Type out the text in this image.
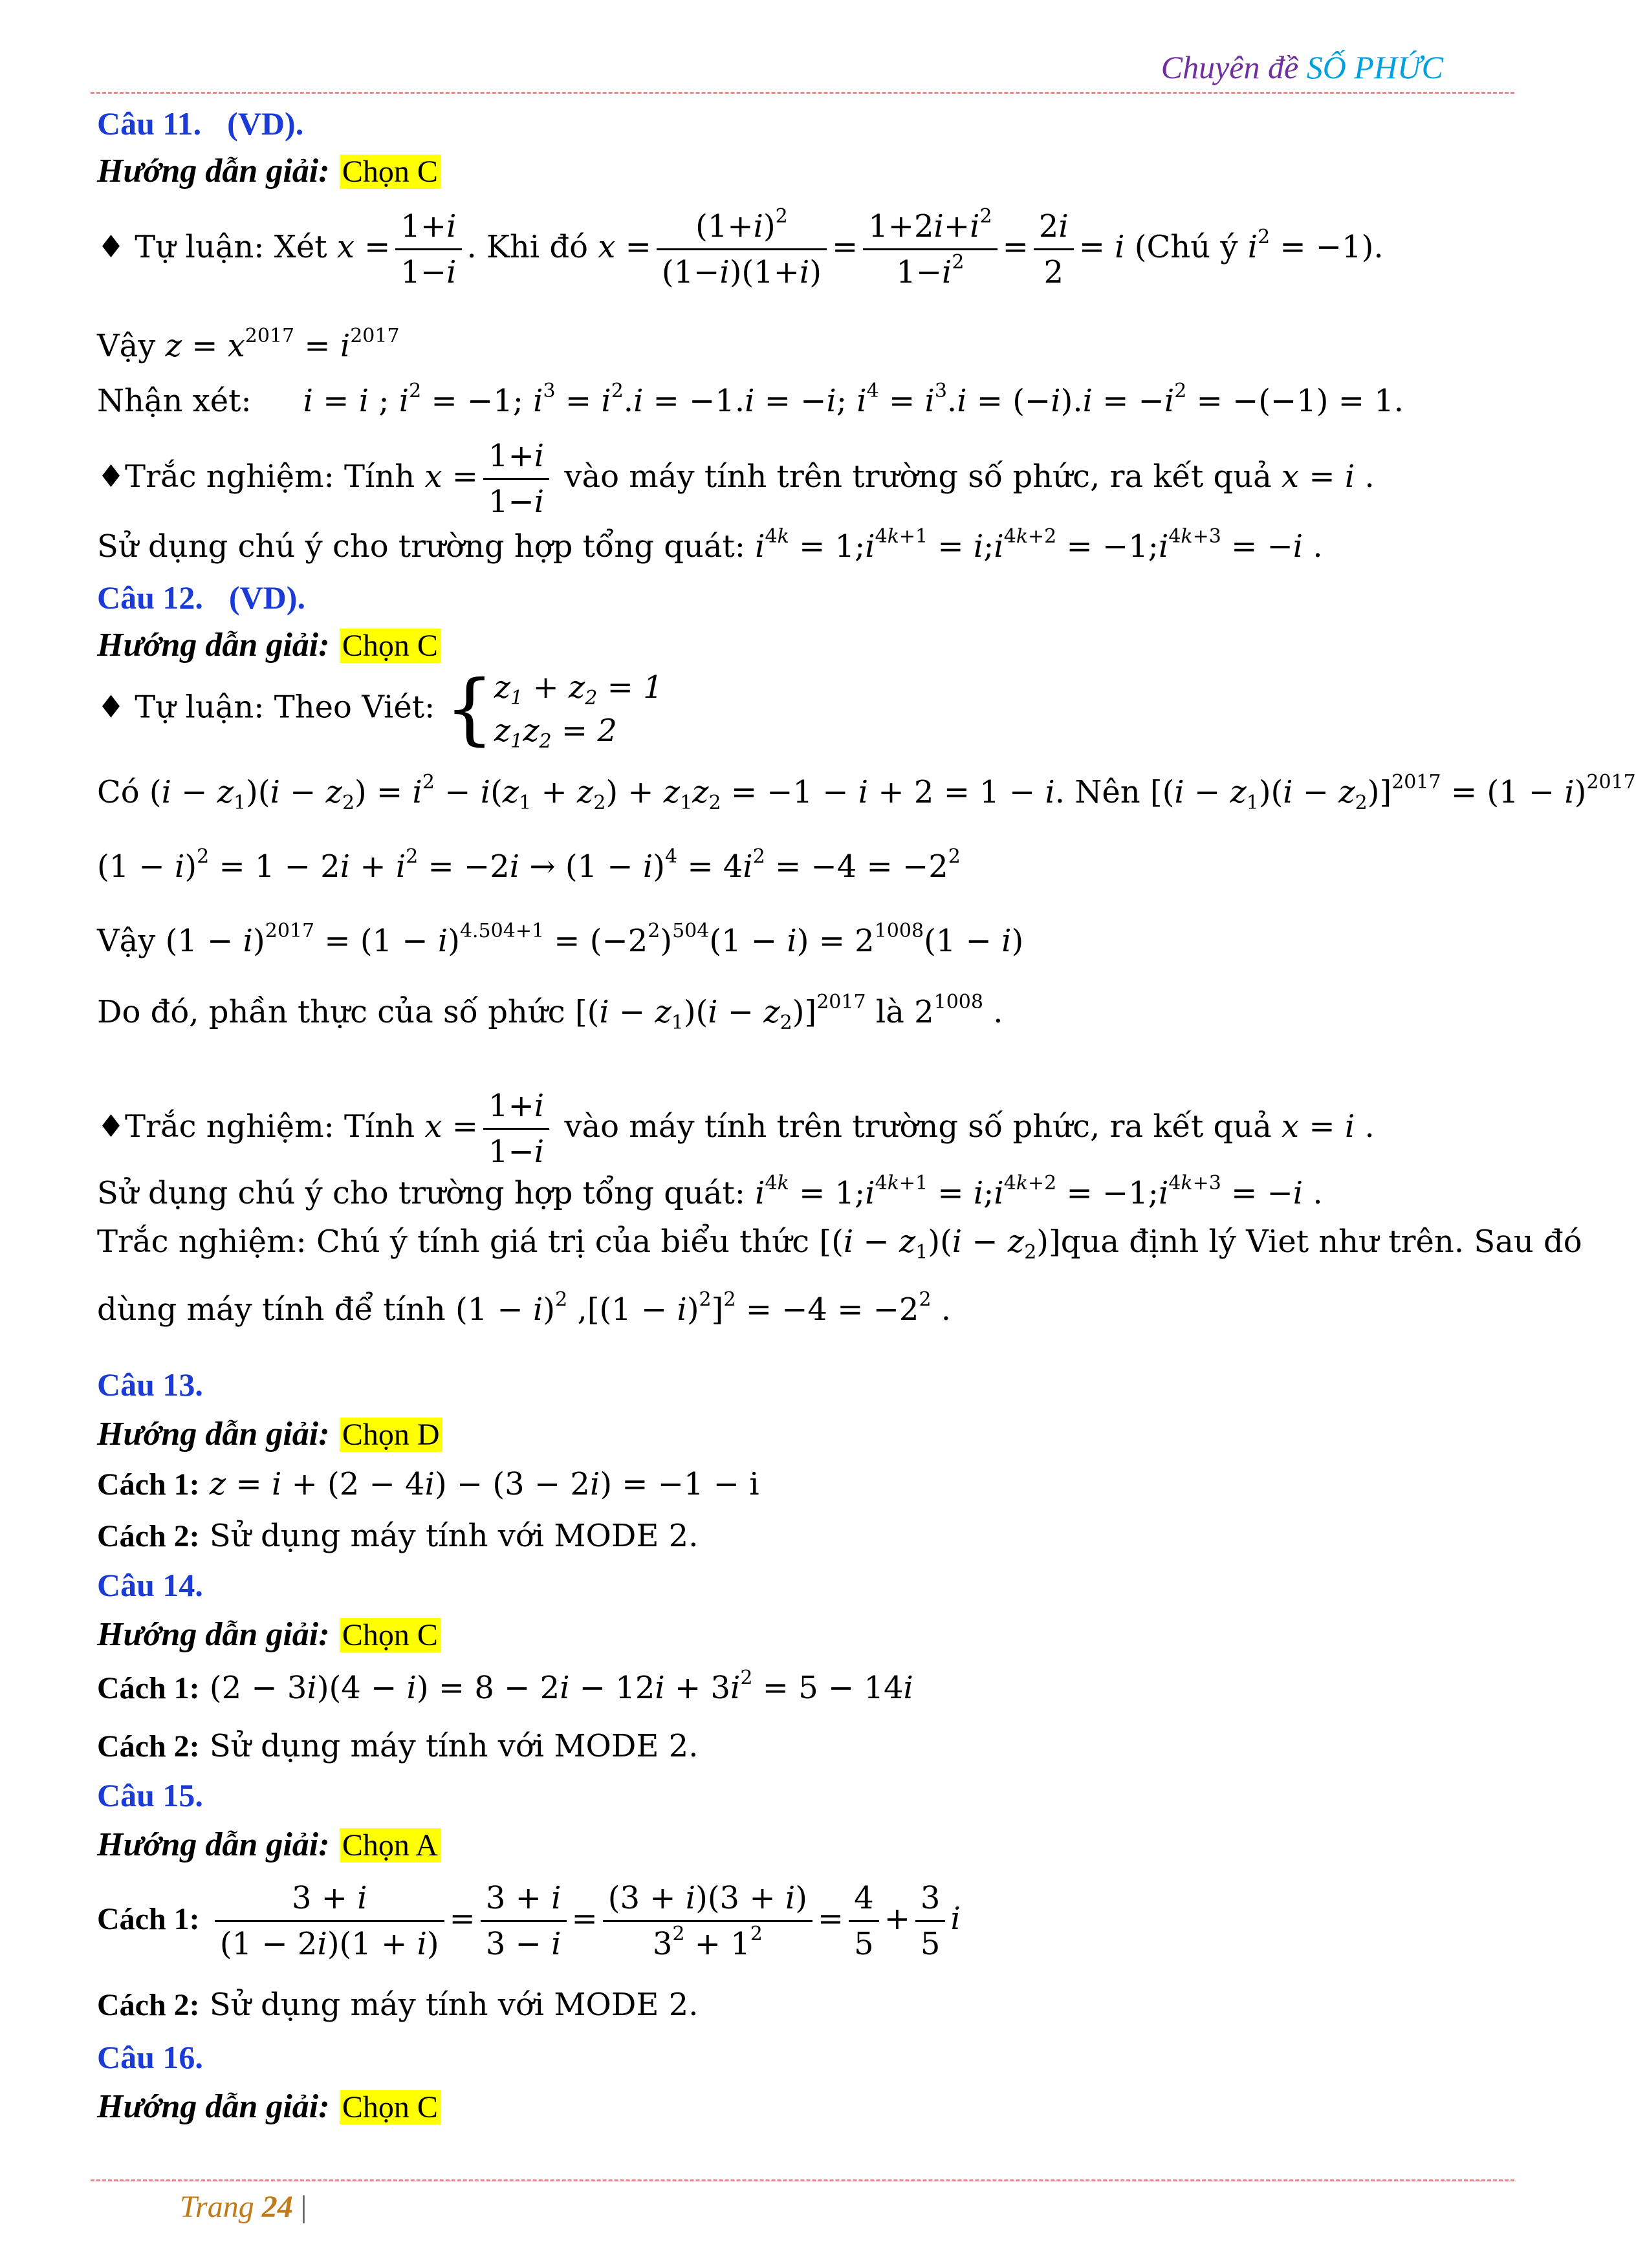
Chuyên đề SỐ PHỨC
Câu 11. (VD).
Hướng dẫn giải: Chọn C
♦ Tự luận: Xét $x = \frac{1+i}{1-i}$ . Khi đó $x = \frac{(1+i)^2}{(1-i)(1+i)} = \frac{1+2i+i^2}{1-i^2} = \frac{2i}{2} = i$ (Chú ý $i^2 = -1$).
Vậy $z = x^{2017} = i^{2017}$
Nhận xét: i = i ; $i^2 = -1$; $i^3 = i^2.i = -1.i = -i$; $i^4 = i^3.i = (-i).i = -i^2 = -(-1) = 1$.
♦Trắc nghiệm: Tính $x = \frac{1+i}{1-i}$ vào máy tính trên trường số phức, ra kết quả x = i .
Sử dụng chú ý cho trường hợp tổng quát: $i^{4k}$ = $1;i^{4k+1}$ = $i;i^{4k+2}$ = $-1;i^{4k+3} = -i$ .
Câu 12. (VD).
Hướng dẫn giải: Chọn C
♦ Tự luận: Theo Viét: { $z_1 + z_2 = 1$
$z_1z_2 = 2$
Có $(i - z_1)(i - z_2) = i^2 - i(z_1 + z_2) + z_1z_2 = -1 - i + 2 = 1 - i$. Nên $[(i - z_1)(i - z_2)]^{2017} = (1 - i)^{2017}$
$(1 - i)^2 = 1 - 2i + i^2 = -2i \to (1 - i)^4 = 4i^2 = -4 = -2^2$
Vậy $(1 - i)^{2017} = (1 - i)^{4.504+1} = (-2^2)^{504}(1 - i) = 2^{1008}(1 - i)$
Do đó, phần thực của số phức $[(i - z_1)(i - z_2)]^{2017}$ là $2^{1008}$ .
♦Trắc nghiệm: Tính $x = \frac{1+i}{1-i}$ vào máy tính trên trường số phức, ra kết quả x = i .
Sử dụng chú ý cho trường hợp tổng quát: $i^{4k}$ = $1;i^{4k+1}$ = $i;i^{4k+2}$ = $-1;i^{4k+3} = -i$ .
Trắc nghiệm: Chú ý tính giá trị của biểu thức $[(i - z_1)(i - z_2)]qua$ định lý Viet như trên. Sau đó
dùng máy tính để tính $(1 - i)^2$ $,[(1 - i)^2]^2 = -4 = -2^2$ .
Câu 13.
Hướng dẫn giải: Chọn D
Cách 1: z = i + (2 − 4i) − (3 − 2i) = −1 − i
Cách 2: Sử dụng máy tính với MODE 2.
Câu 14.
Hướng dẫn giải: Chọn C
Cách 1: $(2 - 3i)(4 - i) = 8 - 2i - 12i + 3i^2 = 5 - 14i$
Cách 2: Sử dụng máy tính với MODE 2.
Câu 15.
Hướng dẫn giải: Chọn A
Cách 1: $\frac{3 + i}{(1 - 2i)(1 + i)} = \frac{3 + i}{3 - i} = \frac{(3 + i)(3 + i)}{3^2 + 1^2} = \frac{4}{5} + \frac{3}{5}$ i
Cách 2: Sử dụng máy tính với MODE 2.
Câu 16.
Hướng dẫn giải: Chọn C
Trang 24 |
